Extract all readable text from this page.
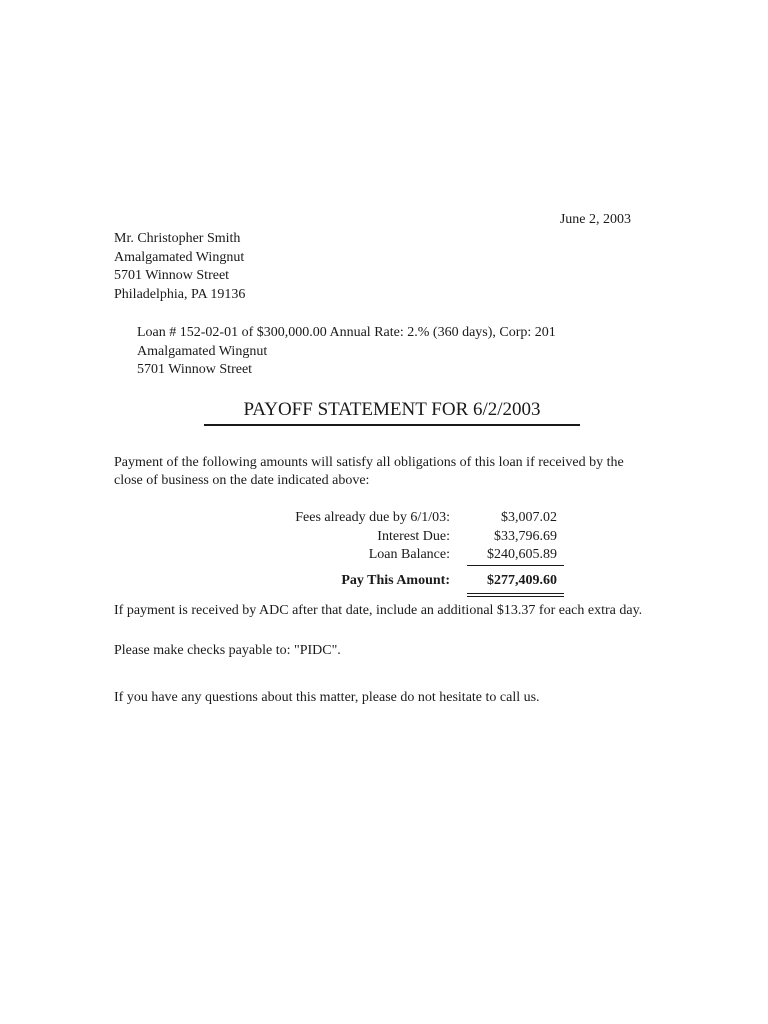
June 2, 2003
Mr. Christopher Smith
Amalgamated Wingnut
5701 Winnow Street
Philadelphia, PA 19136
Loan # 152-02-01 of $300,000.00 Annual Rate: 2.% (360 days), Corp: 201
Amalgamated Wingnut
5701 Winnow Street
PAYOFF STATEMENT FOR 6/2/2003
Payment of the following amounts will satisfy all obligations of this loan if received by the close of business on the date indicated above:
Fees already due by 6/1/03:	$3,007.02
Interest Due:	$33,796.69
Loan Balance:	$240,605.89
Pay This Amount:	$277,409.60
If payment is received by ADC after that date, include an additional $13.37 for each extra day.
Please make checks payable to: "PIDC".
If you have any questions about this matter, please do not hesitate to call us.
